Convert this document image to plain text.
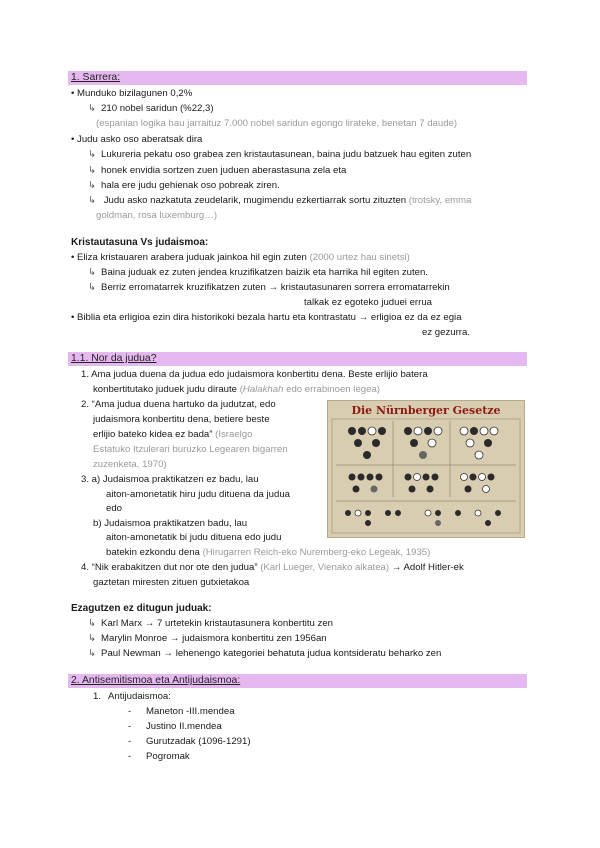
1. Sarrera:
• Munduko bizilagunen 0,2%
↳ 210 nobel saridun (%22,3)
(espanian logika hau jarraituz 7.000 nobel saridun egongo lirateke, benetan 7 daude)
• Judu asko oso aberatsak dira
↳ Lukureria pekatu oso grabea zen kristautasunean, baina judu batzuek hau egiten zuten
↳ honek envidia sortzen zuen juduen aberastasuna zela eta
↳ hala ere judu gehienak oso pobreak ziren.
↳ Judu asko nazkatuta zeudelarik, mugimendu ezkertiarrak sortu zituzten (trotsky, emma
goldman, rosa luxemburg…)
Kristautasuna Vs judaismoa:
• Eliza kristauaren arabera juduak jainkoa hil egin zuten (2000 urtez hau sinetsi)
↳ Baina juduak ez zuten jendea kruzifikatzen baizik eta harrika hil egiten zuten.
↳ Berriz erromatarrek kruzifikatzen zuten → kristautasunaren sorrera erromatarrekin
talkak ez egoteko juduei errua
• Biblia eta erligioa ezin dira historikoki bezala hartu eta kontrastatu → erligioa ez da ez egia
ez gezurra.
1.1. Nor da judua?
1. Ama judua duena da judua edo judaismora konbertitu dena. Beste erlijio batera
konbertitutako juduek judu diraute (Halakhah edo errabinoen legea)
2. “Ama judua duena hartuko da judutzat, edo
judaismora konbertitu dena, betiere beste
erlijio bateko kidea ez bada” (Israelgo
Estatuko Itzulerari buruzko Legearen bigarren
zuzenketa, 1970)
3. a) Judaismoa praktikatzen ez badu, lau
aiton-amonetatik hiru judu dituena da judua
edo
b) Judaismoa praktikatzen badu, lau
aiton-amonetatik bi judu dituena edo judu
batekin ezkondu dena (Hirugarren Reich-eko Nuremberg-eko Legeak, 1935)
4. “Nik erabakitzen dut nor ote den judua” (Karl Lueger, Vienako alkatea) → Adolf Hitler-ek
gaztetan miresten zituen gutxietakoa
Die Nürnberger Gesetze
Ezagutzen ez ditugun juduak:
↳ Karl Marx → 7 urtetekin kristautasunera konbertitu zen
↳ Marylin Monroe → judaismora konbertitu zen 1956an
↳ Paul Newman → lehenengo kategoriei behatuta judua kontsideratu beharko zen
2. Antisemitismoa eta Antijudaismoa:
1. Antijudaismoa:
- Maneton -III.mendea
- Justino II.mendea
- Gurutzadak (1096-1291)
- Pogromak
